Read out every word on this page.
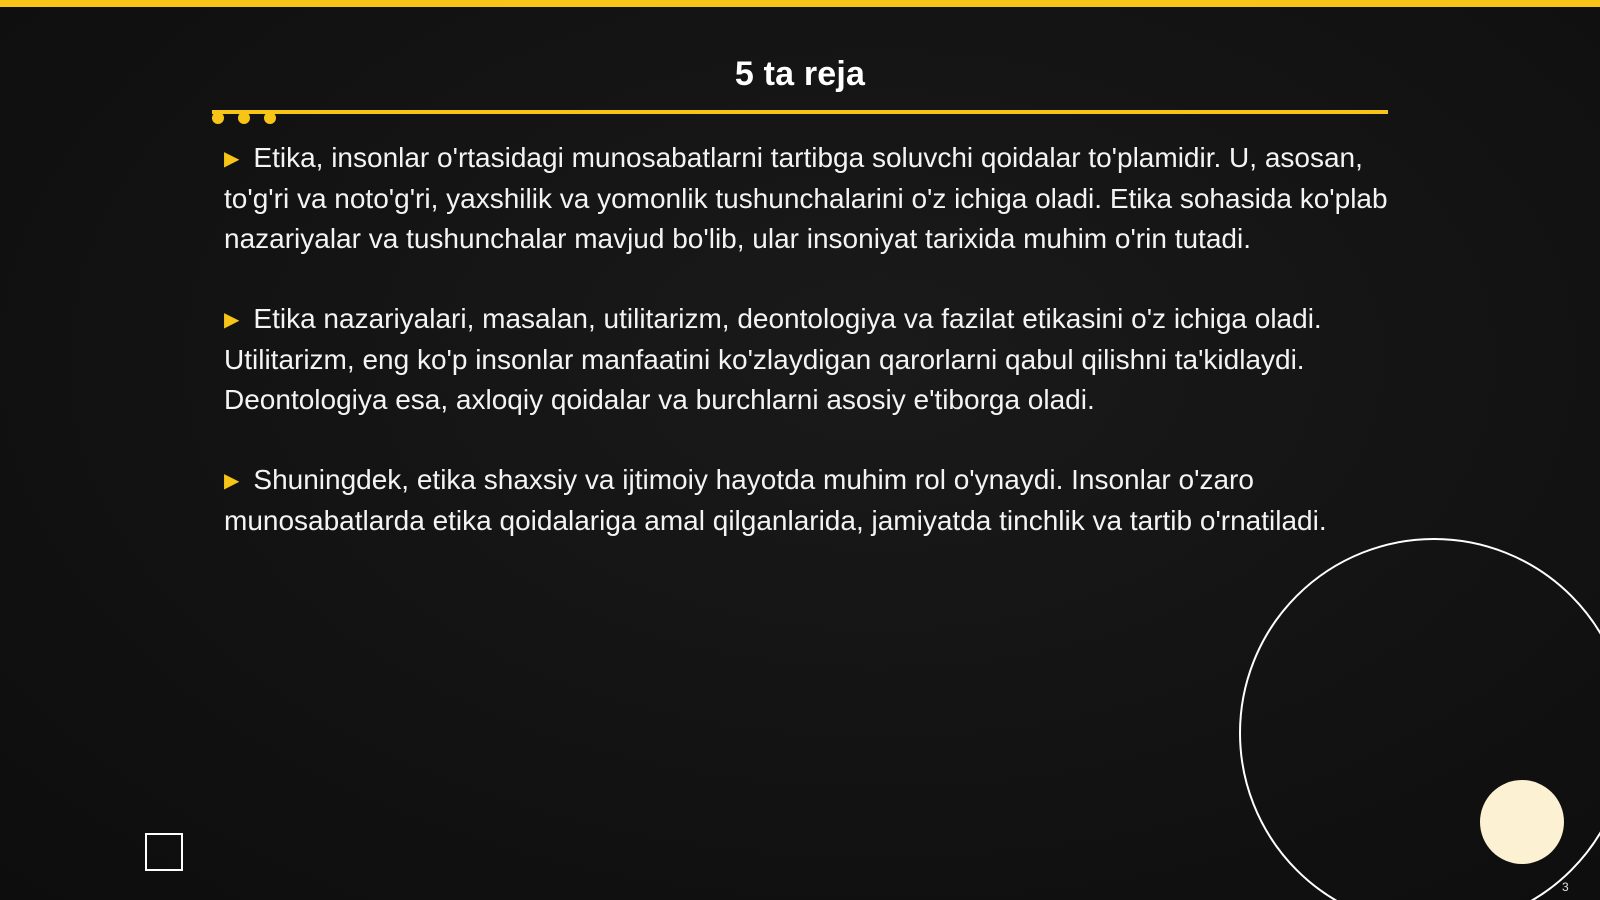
5 ta reja

▶ Etika, insonlar o'rtasidagi munosabatlarni tartibga soluvchi qoidalar to'plamidir. U, asosan, to'g'ri va noto'g'ri, yaxshilik va yomonlik tushunchalarini o'z ichiga oladi. Etika sohasida ko'plab nazariyalar va tushunchalar mavjud bo'lib, ular insoniyat tarixida muhim o'rin tutadi.

▶ Etika nazariyalari, masalan, utilitarizm, deontologiya va fazilat etikasini o'z ichiga oladi. Utilitarizm, eng ko'p insonlar manfaatini ko'zlaydigan qarorlarni qabul qilishni ta'kidlaydi. Deontologiya esa, axloqiy qoidalar va burchlarni asosiy e'tiborga oladi.

▶ Shuningdek, etika shaxsiy va ijtimoiy hayotda muhim rol o'ynaydi. Insonlar o'zaro munosabatlarda etika qoidalariga amal qilganlarida, jamiyatda tinchlik va tartib o'rnatiladi.

3
